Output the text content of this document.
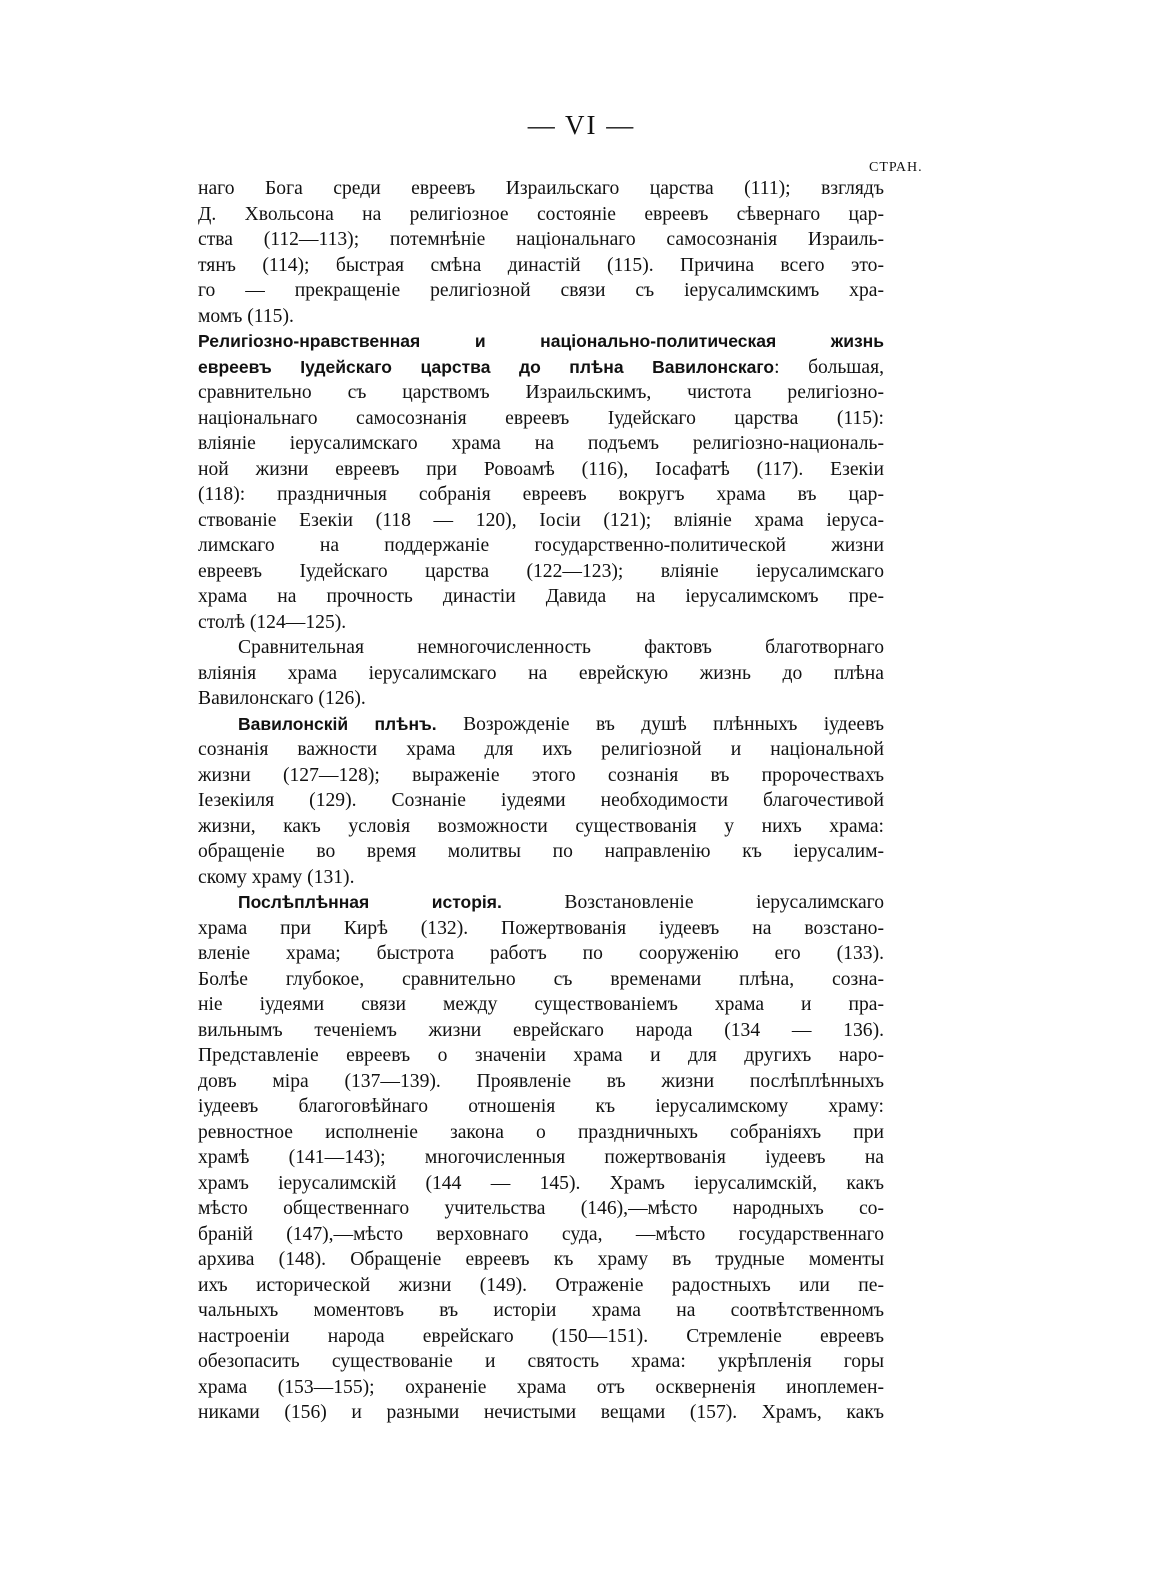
— VI —
СТРАН.
наго Бога среди евреевъ Израильскаго царства (111); взглядъ
Д. Хвольсона на религіозное состояніе евреевъ сѣвернаго цар-
ства (112—113); потемнѣніе національнаго самосознанія Израиль-
тянъ (114); быстрая смѣна династій (115). Причина всего это-
го — прекращеніе религіозной связи съ іерусалимскимъ хра-
момъ (115).
Религіозно-нравственная и національно-политическая жизнь
евреевъ Іудейскаго царства до плѣна Вавилонскаго: большая,
сравнительно съ царствомъ Израильскимъ, чистота религіозно-
національнаго самосознанія евреевъ Іудейскаго царства (115):
вліяніе іерусалимскаго храма на подъемъ религіозно-националь-
ной жизни евреевъ при Ровоамѣ (116), Іосафатѣ (117). Езекіи
(118): праздничныя собранія евреевъ вокругъ храма въ цар-
ствованіе Езекіи (118 — 120), Іосіи (121); вліяніе храма іеруса-
лимскаго на поддержаніе государственно-политической жизни
евреевъ Іудейскаго царства (122—123); вліяніе іерусалимскаго
храма на прочность династіи Давида на іерусалимскомъ пре-
столѣ (124—125).
Сравнительная немногочисленность фактовъ благотворнаго
вліянія храма іерусалимскаго на еврейскую жизнь до плѣна
Вавилонскаго (126).
Вавилонскій плѣнъ. Возрожденіе въ душѣ плѣнныхъ іудеевъ
сознанія важности храма для ихъ религіозной и національной
жизни (127—128); выраженіе этого сознанія въ пророчествахъ
Іезекіиля (129). Сознаніе іудеями необходимости благочестивой
жизни, какъ условія возможности существованія у нихъ храма:
обращеніе во время молитвы по направленію къ іерусалим-
скому храму (131).
Послѣплѣнная исторія.	Возстановленіе іерусалимскаго
храма при Кирѣ (132). Пожертвованія іудеевъ на возстано-
вленіе храма; быстрота работъ по сооруженію его (133).
Болѣе глубокое, сравнительно съ временами плѣна, созна-
ніе іудеями связи между существованіемъ храма и пра-
вильнымъ теченіемъ жизни еврейскаго народа (134 — 136).
Представленіе евреевъ о значеніи храма и для другихъ наро-
довъ міра (137—139). Проявленіе въ жизни послѣплѣнныхъ
іудеевъ благоговѣйнаго отношенія къ іерусалимскому храму:
ревностное исполненіе закона о праздничныхъ собраніяхъ при
храмѣ (141—143); многочисленныя пожертвованія іудеевъ на
храмъ іерусалимскій (144 — 145). Храмъ іерусалимскій, какъ
мѣсто общественнаго учительства (146),—мѣсто народныхъ со-
браній (147),—мѣсто верховнаго суда, —мѣсто государственнаго
архива (148). Обращеніе евреевъ къ храму въ трудные моменты
ихъ исторической жизни (149). Отраженіе радостныхъ или пе-
чальныхъ моментовъ въ исторіи храма на соотвѣтственномъ
настроеніи народа еврейскаго (150—151). Стремленіе евреевъ
обезопасить существованіе и святость храма: укрѣпленія горы
храма (153—155); охраненіе храма отъ оскверненія иноплемен-
никами (156) и разными нечистыми вещами (157). Храмъ, какъ
